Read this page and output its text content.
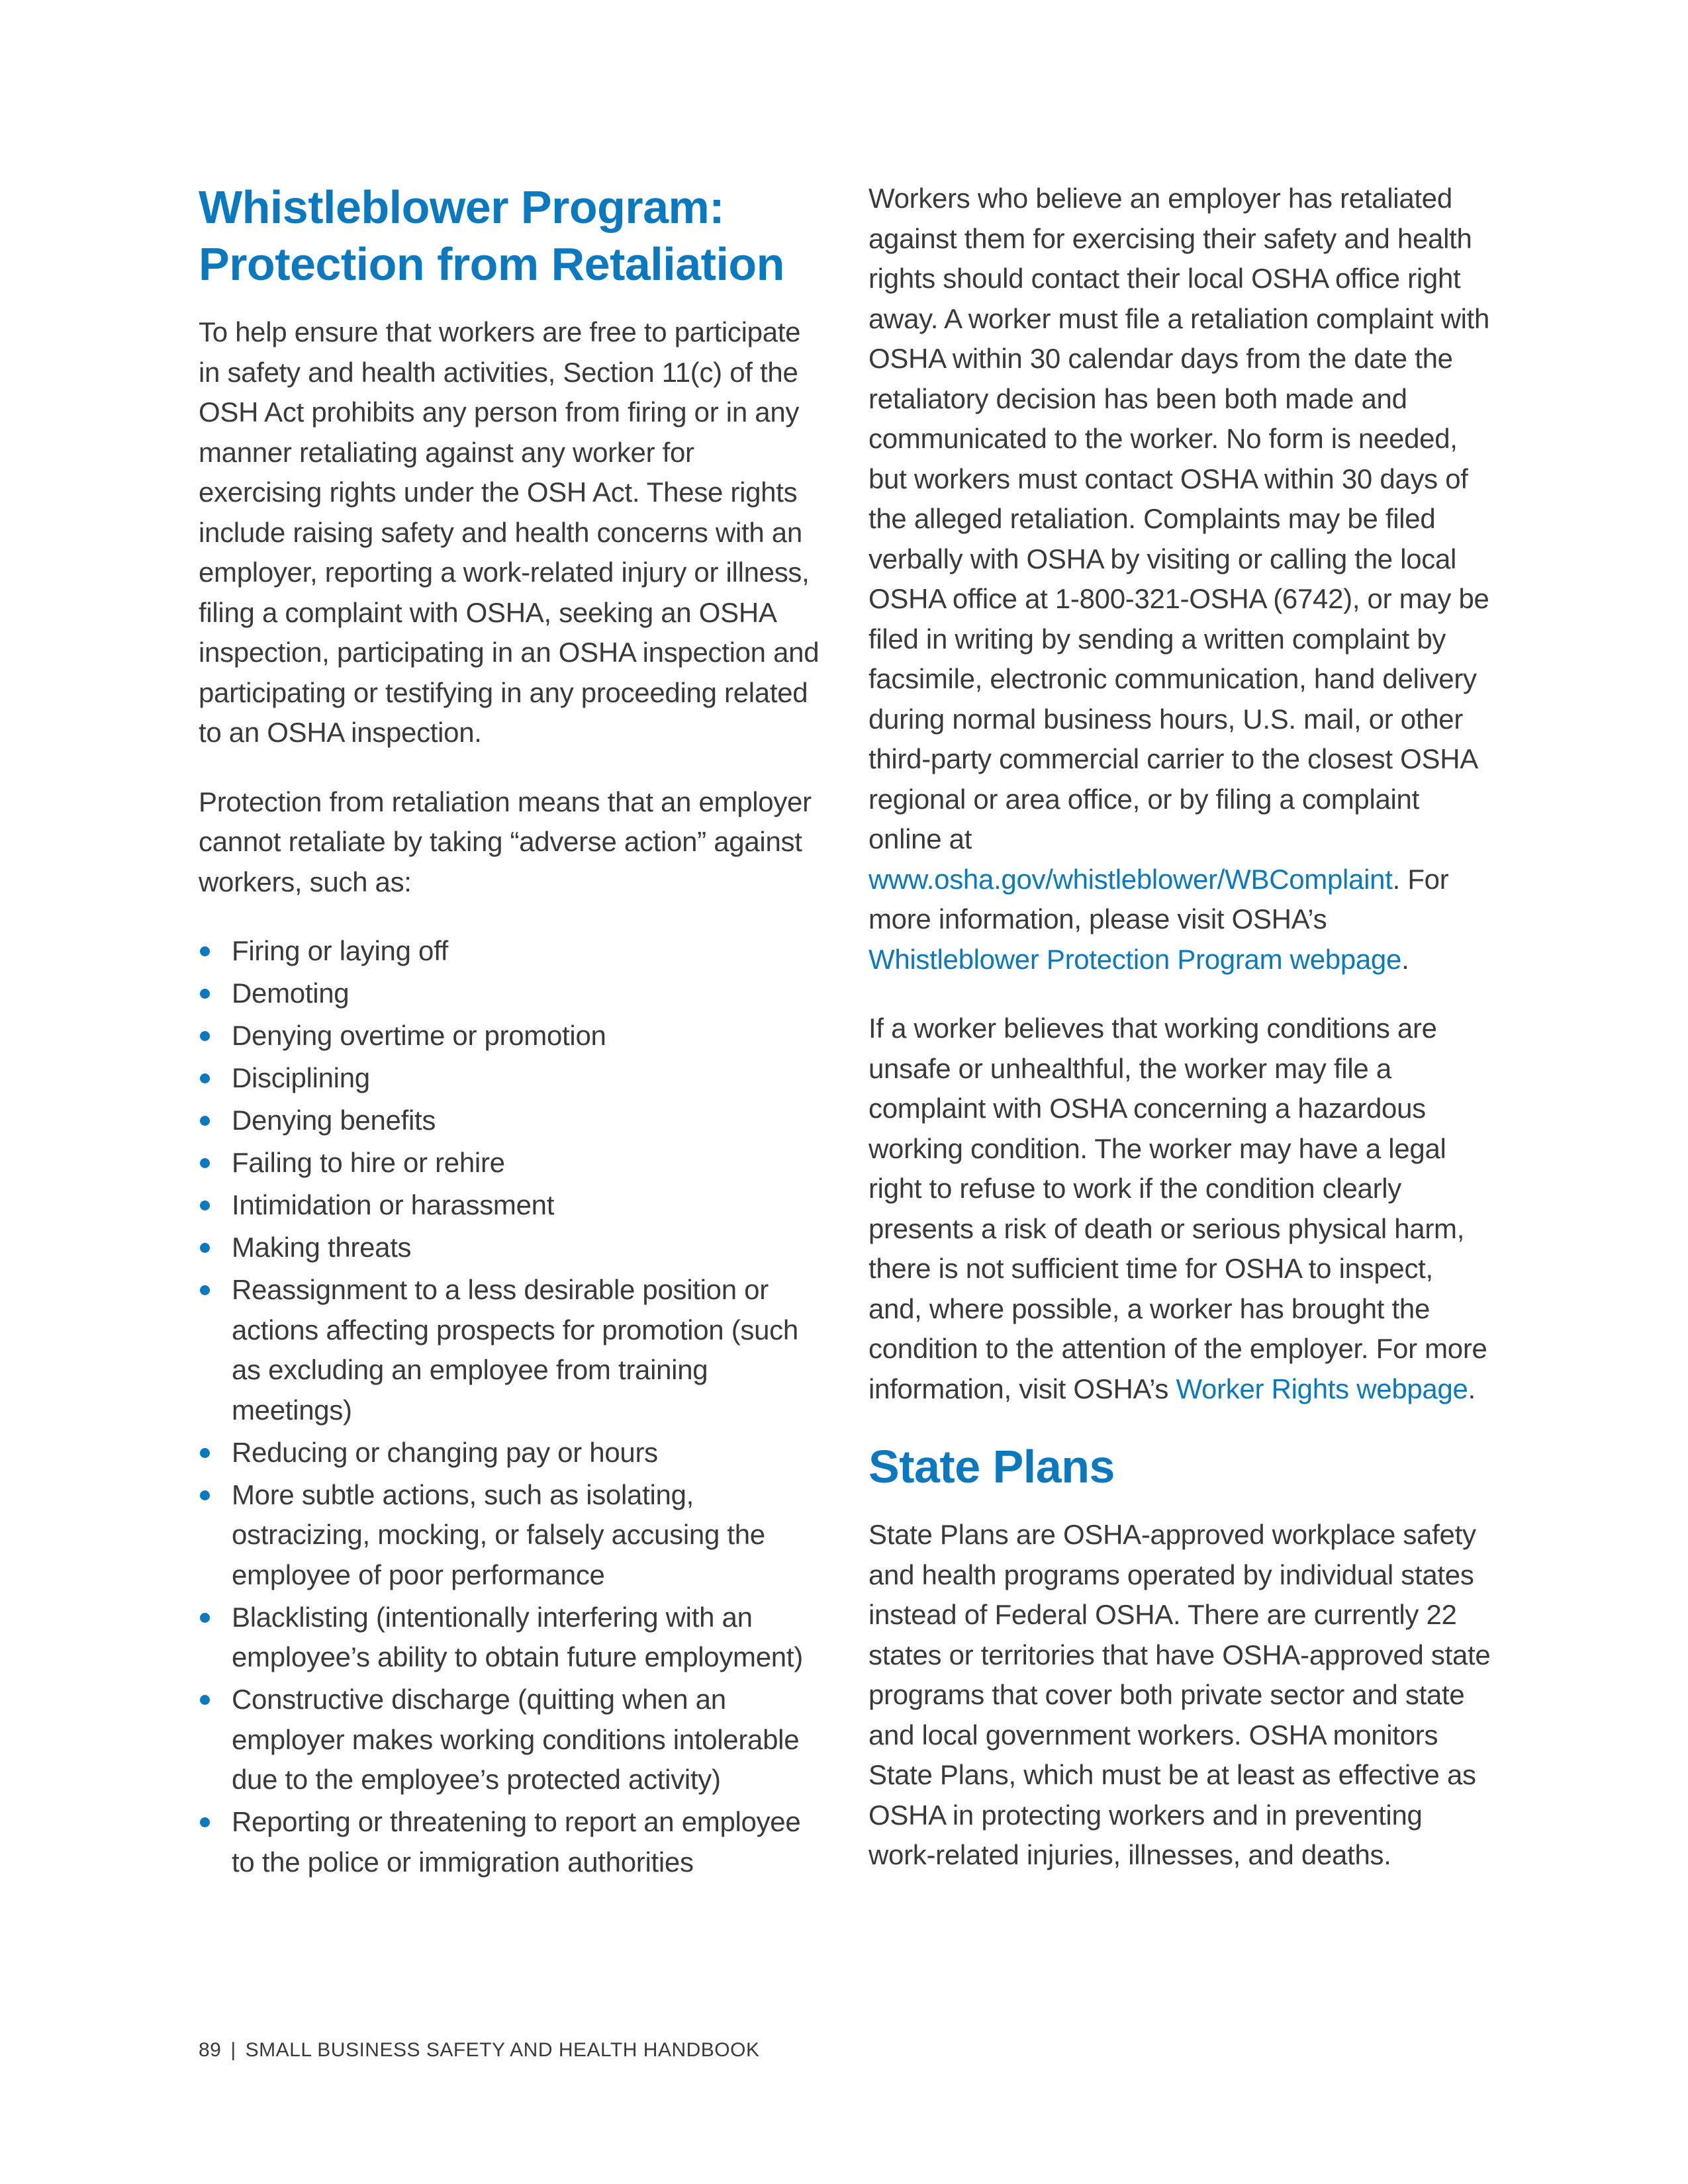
Whistleblower Program:
Protection from Retaliation

To help ensure that workers are free to participate in safety and health activities, Section 11(c) of the OSH Act prohibits any person from firing or in any manner retaliating against any worker for exercising rights under the OSH Act. These rights include raising safety and health concerns with an employer, reporting a work-related injury or illness, filing a complaint with OSHA, seeking an OSHA inspection, participating in an OSHA inspection and participating or testifying in any proceeding related to an OSHA inspection.

Protection from retaliation means that an employer cannot retaliate by taking “adverse action” against workers, such as:

Firing or laying off
Demoting
Denying overtime or promotion
Disciplining
Denying benefits
Failing to hire or rehire
Intimidation or harassment
Making threats
Reassignment to a less desirable position or actions affecting prospects for promotion (such as excluding an employee from training meetings)
Reducing or changing pay or hours
More subtle actions, such as isolating, ostracizing, mocking, or falsely accusing the employee of poor performance
Blacklisting (intentionally interfering with an employee’s ability to obtain future employment)
Constructive discharge (quitting when an employer makes working conditions intolerable due to the employee’s protected activity)
Reporting or threatening to report an employee to the police or immigration authorities

Workers who believe an employer has retaliated against them for exercising their safety and health rights should contact their local OSHA office right away. A worker must file a retaliation complaint with OSHA within 30 calendar days from the date the retaliatory decision has been both made and communicated to the worker. No form is needed, but workers must contact OSHA within 30 days of the alleged retaliation. Complaints may be filed verbally with OSHA by visiting or calling the local OSHA office at 1-800-321-OSHA (6742), or may be filed in writing by sending a written complaint by facsimile, electronic communication, hand delivery during normal business hours, U.S. mail, or other third-party commercial carrier to the closest OSHA regional or area office, or by filing a complaint online at www.osha.gov/whistleblower/WBComplaint. For more information, please visit OSHA’s Whistleblower Protection Program webpage.

If a worker believes that working conditions are unsafe or unhealthful, the worker may file a complaint with OSHA concerning a hazardous working condition. The worker may have a legal right to refuse to work if the condition clearly presents a risk of death or serious physical harm, there is not sufficient time for OSHA to inspect, and, where possible, a worker has brought the condition to the attention of the employer. For more information, visit OSHA’s Worker Rights webpage.

State Plans

State Plans are OSHA-approved workplace safety and health programs operated by individual states instead of Federal OSHA. There are currently 22 states or territories that have OSHA-approved state programs that cover both private sector and state and local government workers. OSHA monitors State Plans, which must be at least as effective as OSHA in protecting workers and in preventing work-related injuries, illnesses, and deaths.

89 | SMALL BUSINESS SAFETY AND HEALTH HANDBOOK
